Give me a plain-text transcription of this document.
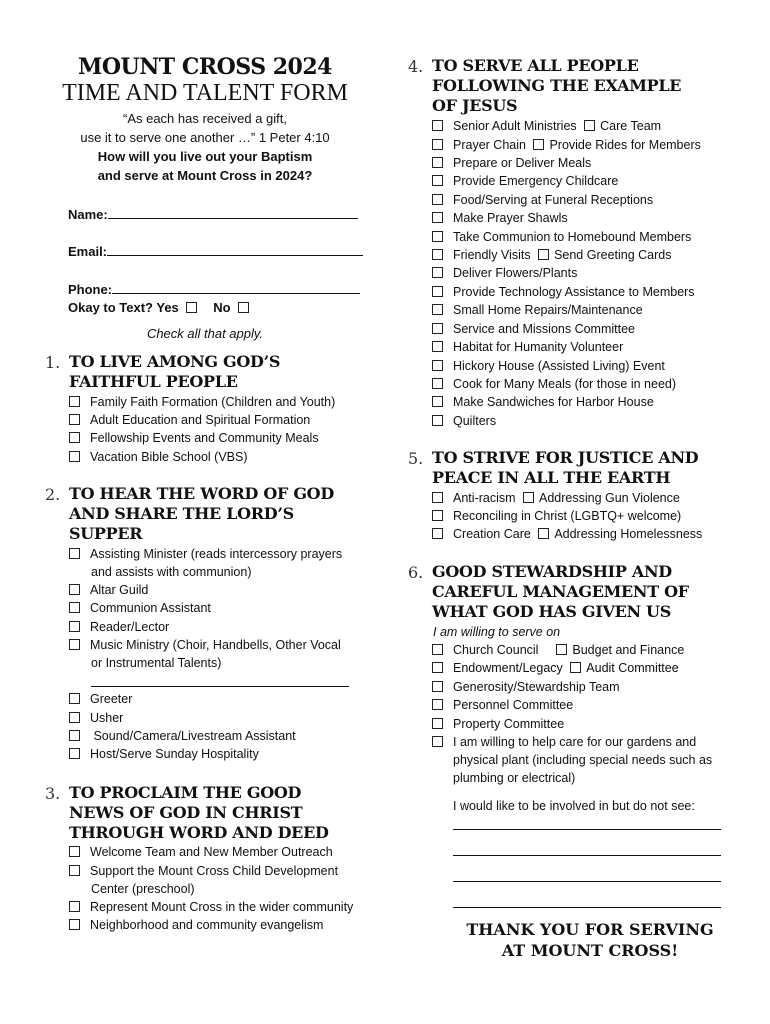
MOUNT CROSS 2024
TIME AND TALENT FORM
“As each has received a gift,
use it to serve one another …” 1 Peter 4:10
How will you live out your Baptism
and serve at Mount Cross in 2024?
Name:
Email:
Phone:
Okay to Text? Yes	No
Check all that apply.
1. TO LIVE AMONG GOD’S
FAITHFUL PEOPLE
Family Faith Formation (Children and Youth)
Adult Education and Spiritual Formation
Fellowship Events and Community Meals
Vacation Bible School (VBS)
2. TO HEAR THE WORD OF GOD
AND SHARE THE LORD’S
SUPPER
Assisting Minister (reads intercessory prayers
and assists with communion)
Altar Guild
Communion Assistant
Reader/Lector
Music Ministry (Choir, Handbells, Other Vocal
or Instrumental Talents)
Greeter
Usher
Sound/Camera/Livestream Assistant
Host/Serve Sunday Hospitality
3. TO PROCLAIM THE GOOD
NEWS OF GOD IN CHRIST
THROUGH WORD AND DEED
Welcome Team and New Member Outreach
Support the Mount Cross Child Development
Center (preschool)
Represent Mount Cross in the wider community
Neighborhood and community evangelism
4. TO SERVE ALL PEOPLE
FOLLOWING THE EXAMPLE
OF JESUS
Senior Adult Ministries Care Team
Prayer Chain Provide Rides for Members
Prepare or Deliver Meals
Provide Emergency Childcare
Food/Serving at Funeral Receptions
Make Prayer Shawls
Take Communion to Homebound Members
Friendly Visits Send Greeting Cards
Deliver Flowers/Plants
Provide Technology Assistance to Members
Small Home Repairs/Maintenance
Service and Missions Committee
Habitat for Humanity Volunteer
Hickory House (Assisted Living) Event
Cook for Many Meals (for those in need)
Make Sandwiches for Harbor House
Quilters
5. TO STRIVE FOR JUSTICE AND
PEACE IN ALL THE EARTH
Anti-racism Addressing Gun Violence
Reconciling in Christ (LGBTQ+ welcome)
Creation Care Addressing Homelessness
6. GOOD STEWARDSHIP AND
CAREFUL MANAGEMENT OF
WHAT GOD HAS GIVEN US
I am willing to serve on
Church Council	Budget and Finance
Endowment/Legacy Audit Committee
Generosity/Stewardship Team
Personnel Committee
Property Committee
I am willing to help care for our gardens and
physical plant (including special needs such as
plumbing or electrical)
I would like to be involved in but do not see:
THANK YOU FOR SERVING
AT MOUNT CROSS!
